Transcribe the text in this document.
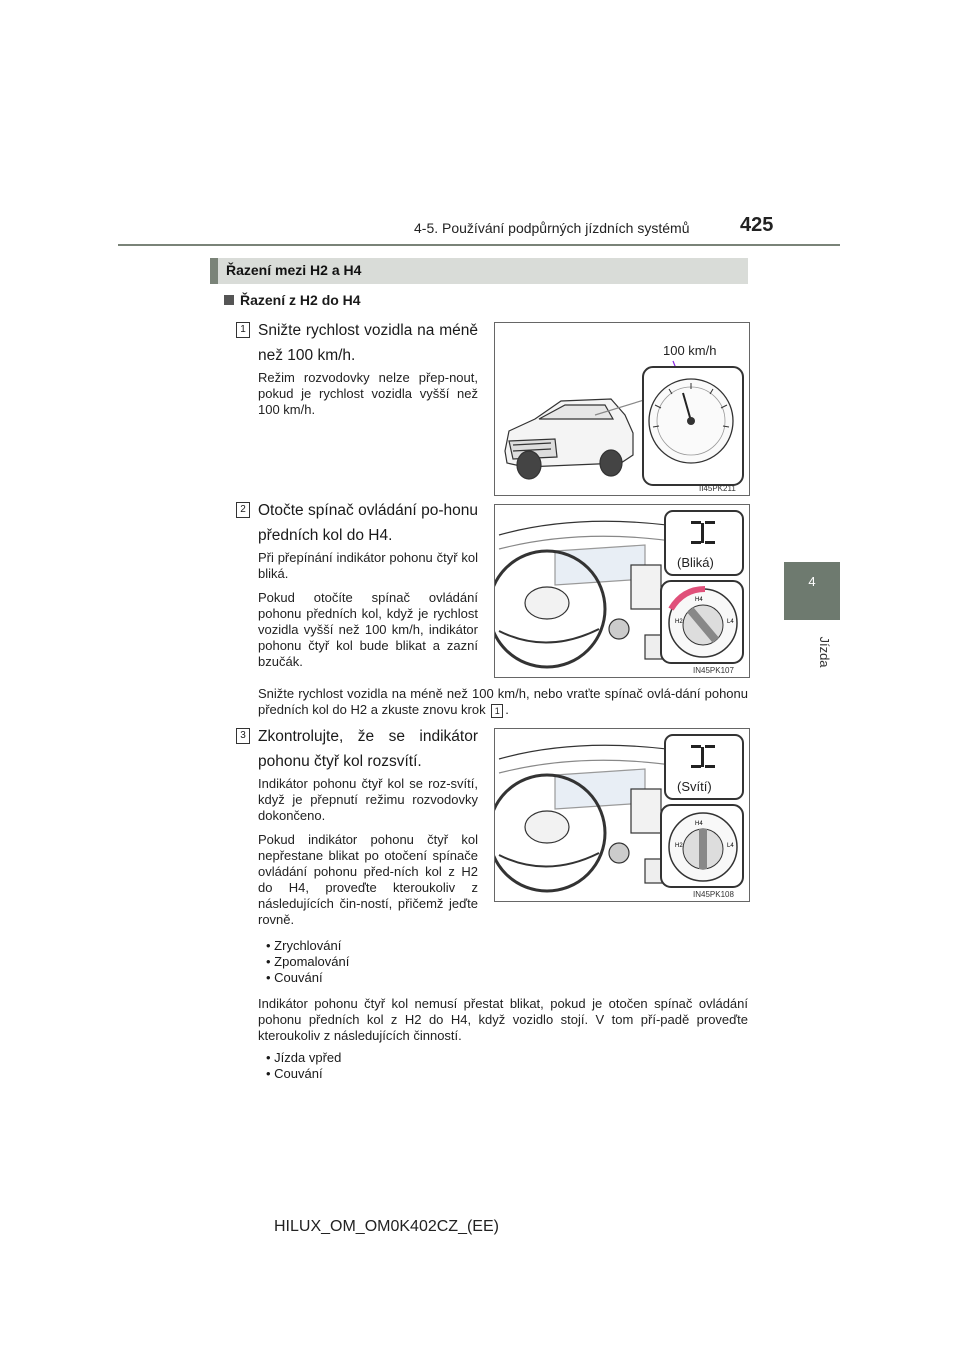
4-5. Používání podpůrných jízdních systémů	425
4
Jízda
Řazení mezi H2 a H4
Řazení z H2 do H4
1 Snižte rychlost vozidla na méně než 100 km/h.
Režim rozvodovky nelze přep-nout, pokud je rychlost vozidla vyšší než 100 km/h.
100 km/h
II45PK211
2 Otočte spínač ovládání po-honu předních kol do H4.
Při přepínání indikátor pohonu čtyř kol bliká.
Pokud otočíte spínač ovládání pohonu předních kol, když je rychlost vozidla vyšší než 100 km/h, indikátor pohonu čtyř kol bude blikat a zazní bzučák.
(Bliká)
H4
H2	L4
IN45PK107
Snižte rychlost vozidla na méně než 100 km/h, nebo vraťte spínač ovlá-dání pohonu předních kol do H2 a zkuste znovu krok 1 .
3 Zkontrolujte, že se indikátor pohonu čtyř kol rozsvítí.
Indikátor pohonu čtyř kol se roz-svítí, když je přepnutí režimu rozvodovky dokončeno.
Pokud indikátor pohonu čtyř kol nepřestane blikat po otočení spínače ovládání pohonu před-ních kol z H2 do H4, proveďte kteroukoliv z následujících čin-ností, přičemž jeďte rovně.
• Zrychlování
• Zpomalování
• Couvání
(Svítí)
H4
H2	L4
IN45PK108
Indikátor pohonu čtyř kol nemusí přestat blikat, pokud je otočen spínač ovládání pohonu předních kol z H2 do H4, když vozidlo stojí. V tom pří-padě proveďte kteroukoliv z následujících činností.
• Jízda vpřed
• Couvání
HILUX_OM_OM0K402CZ_(EE)
